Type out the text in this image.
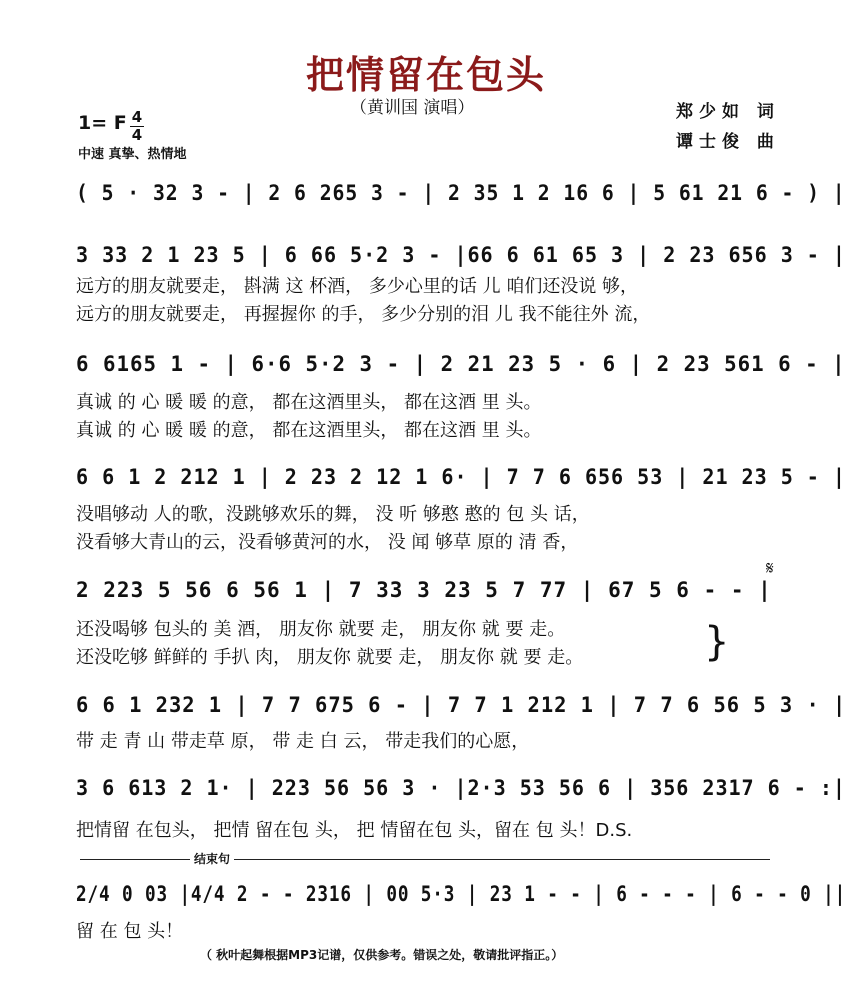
把情留在包头
（黄训国 演唱）	郑少如 词
谭士俊 曲
1= F 4
4
中速 真挚、热情地
( 5 · 32 3 - | 2 6 265 3 - | 2 35 1 2 16 6 | 5 61 21 6 - ) |
3 33 2 1 23 5 | 6 66 5·2 3 - |66 6 61 65 3 | 2 23 656 3 - |
远方的朋友就要走， 斟满 这 杯酒， 多少心里的话 儿 咱们还没说 够，
远方的朋友就要走， 再握握你 的手， 多少分别的泪 儿 我不能往外 流，
6 6165 1 - | 6·6 5·2 3 - | 2 21 23 5 · 6 | 2 23 561 6 - |
真诚 的 心 暖 暖 的意， 都在这酒里头， 都在这酒 里 头。
真诚 的 心 暖 暖 的意， 都在这酒里头， 都在这酒 里 头。
6 6 1 2 212 1 | 2 23 2 12 1 6· | 7 7 6 656 53 | 21 23 5 - |
没唱够动 人的歌，没跳够欢乐的舞， 没 听 够憨 憨的 包 头 话，
没看够大青山的云，没看够黄河的水， 没 闻 够草 原的 清 香，
2 223 5 56 6 56 1 | 7 33 3 23 5 7 77 | 67 5 6 - - |
还没喝够 包头的 美 酒， 朋友你 就要 走， 朋友你 就 要 走。
还没吃够 鲜鲜的 手扒 肉， 朋友你 就要 走， 朋友你 就 要 走。	}
𝄋
6 6 1 232 1 | 7 7 675 6 - | 7 7 1 212 1 | 7 7 6 56 5 3 · |
带 走 青 山 带走草 原， 带 走 白 云， 带走我们的心愿，
3 6 613 2 1· | 223 56 56 3 · |2·3 53 56 6 | 356 2317 6 - :|
把情留 在包头， 把情 留在包 头， 把 情留在包 头，留在 包 头！D.S.
结束句
2/4 0 03 |4/4 2 - - 2316 | 00 5·3 | 23 1 - - | 6 - - - | 6 - - 0 ||
留 在 包 头！
（ 秋叶起舞根据MP3记谱，仅供参考。错误之处，敬请批评指正。）
